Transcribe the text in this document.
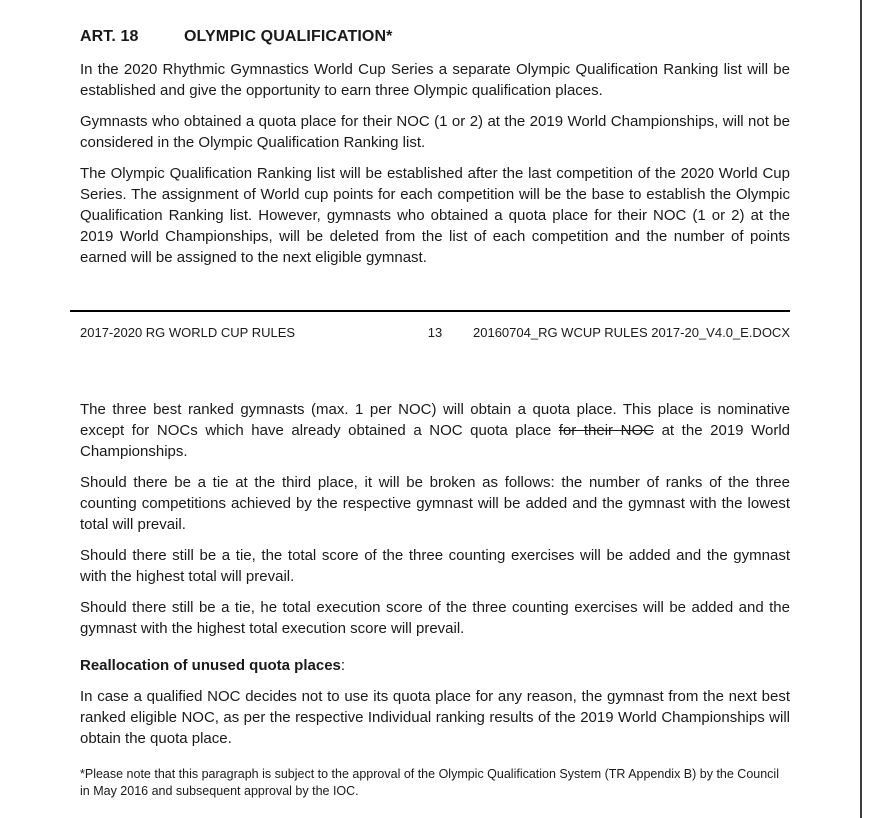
ART. 18	OLYMPIC QUALIFICATION*

In the 2020 Rhythmic Gymnastics World Cup Series a separate Olympic Qualification Ranking list will be established and give the opportunity to earn three Olympic qualification places.

Gymnasts who obtained a quota place for their NOC (1 or 2) at the 2019 World Championships, will not be considered in the Olympic Qualification Ranking list.

The Olympic Qualification Ranking list will be established after the last competition of the 2020 World Cup Series. The assignment of World cup points for each competition will be the base to establish the Olympic Qualification Ranking list. However, gymnasts who obtained a quota place for their NOC (1 or 2) at the 2019 World Championships, will be deleted from the list of each competition and the number of points earned will be assigned to the next eligible gymnast.

2017-2020 RG WORLD CUP RULES	13	20160704_RG WCUP RULES 2017-20_V4.0_E.DOCX

The three best ranked gymnasts (max. 1 per NOC) will obtain a quota place. This place is nominative except for NOCs which have already obtained a NOC quota place for their NOC at the 2019 World Championships.

Should there be a tie at the third place, it will be broken as follows: the number of ranks of the three counting competitions achieved by the respective gymnast will be added and the gymnast with the lowest total will prevail.

Should there still be a tie, the total score of the three counting exercises will be added and the gymnast with the highest total will prevail.

Should there still be a tie, he total execution score of the three counting exercises will be added and the gymnast with the highest total execution score will prevail.

Reallocation of unused quota places:

In case a qualified NOC decides not to use its quota place for any reason, the gymnast from the next best ranked eligible NOC, as per the respective Individual ranking results of the 2019 World Championships will obtain the quota place.

*Please note that this paragraph is subject to the approval of the Olympic Qualification System (TR Appendix B) by the Council in May 2016 and subsequent approval by the IOC.
